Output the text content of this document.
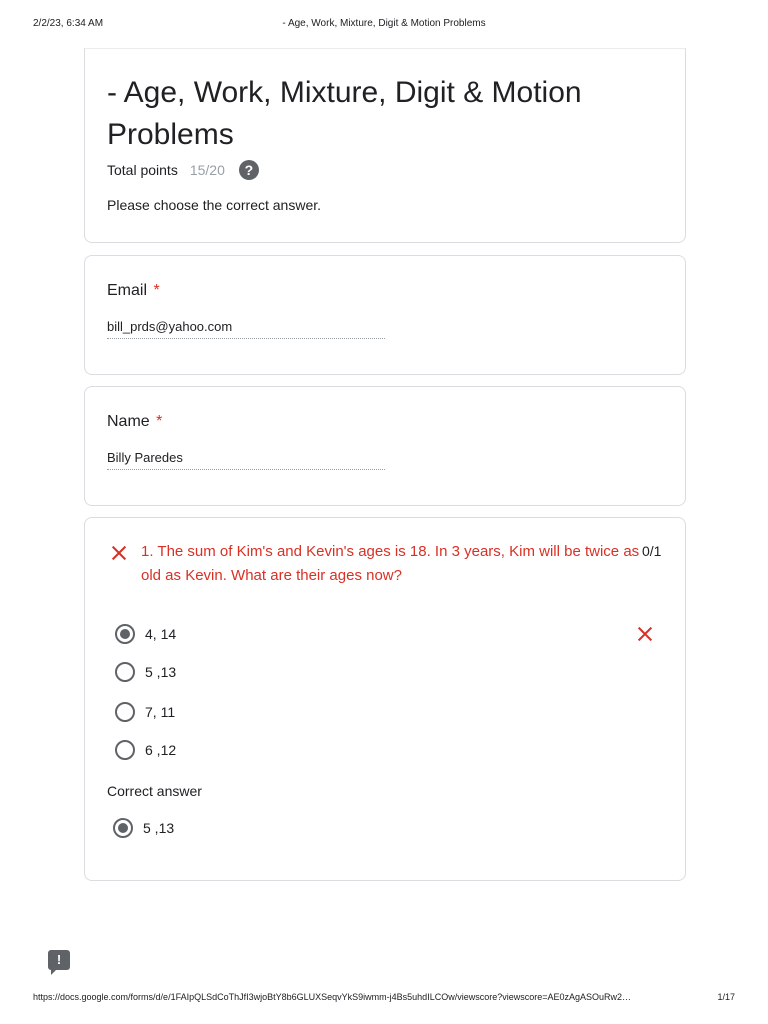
2/2/23, 6:34 AM	- Age, Work, Mixture, Digit & Motion Problems
- Age, Work, Mixture, Digit & Motion Problems
Total points 15/20	?
Please choose the correct answer.
Email *
bill_prds@yahoo.com
Name *
Billy Paredes
1. The sum of Kim's and Kevin's ages is 18. In 3 years, Kim will be twice as old as Kevin. What are their ages now?
0/1
4, 14
5 ,13
7, 11
6 ,12
Correct answer
5 ,13
!
https://docs.google.com/forms/d/e/1FAIpQLSdCoThJfI3wjoBtY8b6GLUXSeqvYkS9iwmm-j4Bs5uhdILCOw/viewscore?viewscore=AE0zAgASOuRw2…	1/17
